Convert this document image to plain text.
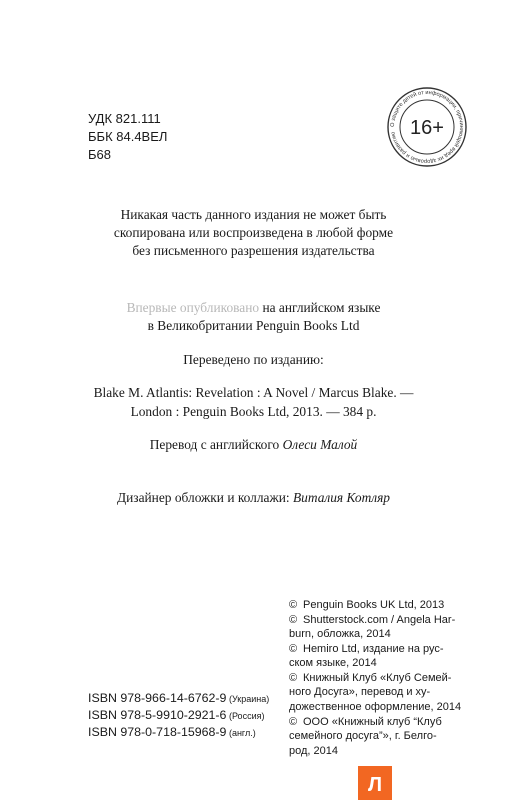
УДК 821.111
ББК 84.4ВЕЛ
Б68
О защите детей от информации, причиняющей вред их здоровью и развитию 16+
Никакая часть данного издания не может быть
скопирована или воспроизведена в любой форме
без письменного разрешения издательства
Впервые опубликовано на английском языке
в Великобритании Penguin Books Ltd
Переведено по изданию:
Blake M. Atlantis: Revelation : A Novel / Marcus Blake. —
London : Penguin Books Ltd, 2013. — 384 p.
Перевод с английского Олеси Малой
Дизайнер обложки и коллажи: Виталия Котляр
© Penguin Books UK Ltd, 2013
© Shutterstock.com / Angela Har-
burn, обложка, 2014
© Hemiro Ltd, издание на рус-
ском языке, 2014
© Книжный Клуб «Клуб Семей-
ного Досуга», перевод и ху-
дожественное оформление, 2014
© ООО «Книжный клуб “Клуб
семейного досуга”», г. Белго-
род, 2014
ISBN 978-966-14-6762-9 (Украина)
ISBN 978-5-9910-2921-6 (Россия)
ISBN 978-0-718-15968-9 (англ.)
Л
